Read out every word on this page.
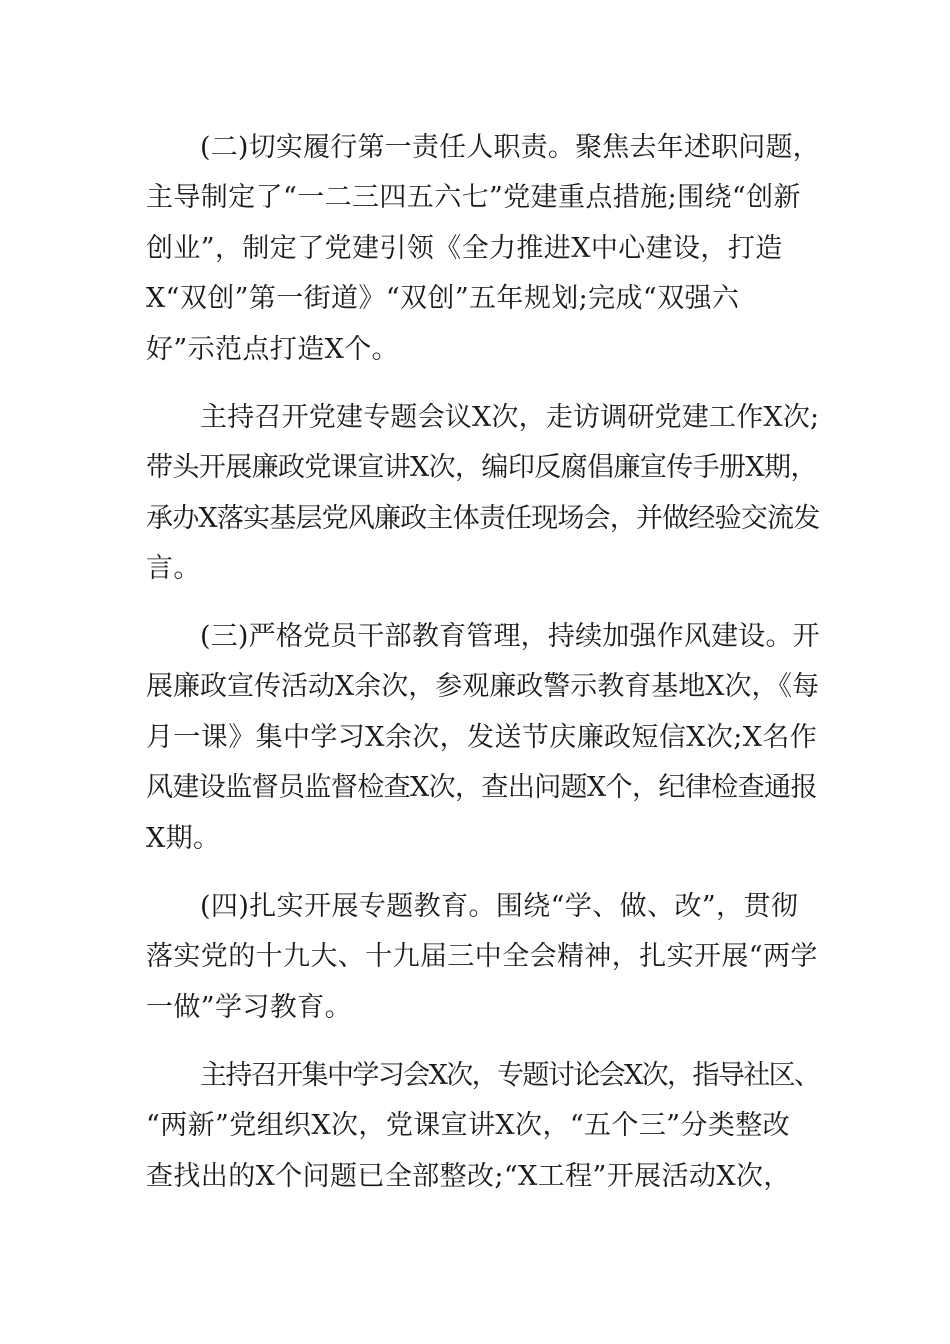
(二)切实履行第一责任人职责。聚焦去年述职问题，
主导制定了“一二三四五六七”党建重点措施;围绕“创新
创业”，制定了党建引领《全力推进X中心建设，打造
X“双创”第一街道》“双创”五年规划;完成“双强六
好”示范点打造X个。
主持召开党建专题会议X次，走访调研党建工作X次;
带头开展廉政党课宣讲X次，编印反腐倡廉宣传手册X期，
承办X落实基层党风廉政主体责任现场会，并做经验交流发
言。
(三)严格党员干部教育管理，持续加强作风建设。开
展廉政宣传活动X余次，参观廉政警示教育基地X次，《每
月一课》集中学习X余次，发送节庆廉政短信X次;X名作
风建设监督员监督检查X次，查出问题X个，纪律检查通报
X期。
(四)扎实开展专题教育。围绕“学、做、改”，贯彻
落实党的十九大、十九届三中全会精神，扎实开展“两学
一做”学习教育。
主持召开集中学习会X次，专题讨论会X次，指导社区、
“两新”党组织X次，党课宣讲X次，“五个三”分类整改
查找出的X个问题已全部整改;“X工程”开展活动X次，
